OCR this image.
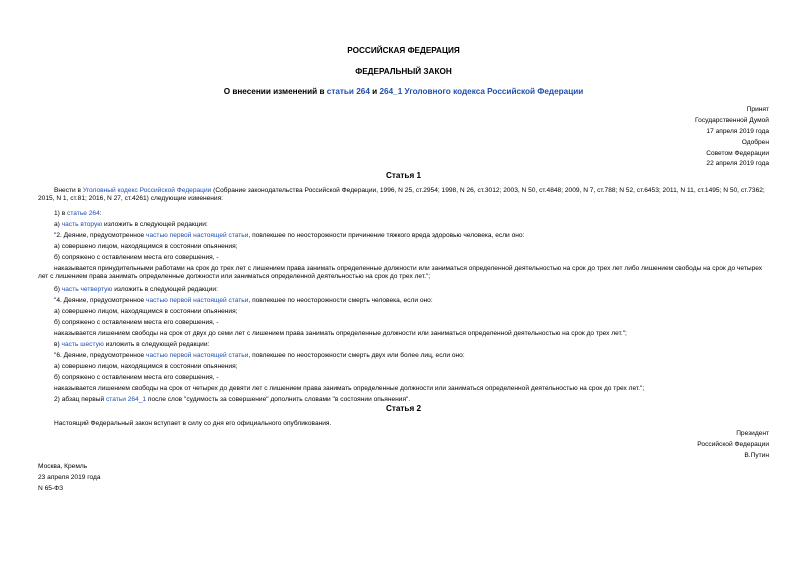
РОССИЙСКАЯ ФЕДЕРАЦИЯ
ФЕДЕРАЛЬНЫЙ ЗАКОН
О внесении изменений в статьи 264 и 264_1 Уголовного кодекса Российской Федерации
Принят
Государственной Думой
17 апреля 2019 года
Одобрен
Советом Федерации
22 апреля 2019 года
Статья 1
Внести в Уголовный кодекс Российской Федерации (Собрание законодательства Российской Федерации, 1996, N 25, ст.2954; 1998, N 26, ст.3012; 2003, N 50, ст.4848; 2009, N 7, ст.788; N 52, ст.6453; 2011, N 11, ст.1495; N 50, ст.7362; 2015, N 1, ст.81; 2016, N 27, ст.4261) следующие изменения:
1) в статье 264:
а) часть вторую изложить в следующей редакции:
"2. Деяние, предусмотренное частью первой настоящей статьи, повлекшее по неосторожности причинение тяжкого вреда здоровью человека, если оно:
а) совершено лицом, находящимся в состоянии опьянения;
б) сопряжено с оставлением места его совершения, -
наказывается принудительными работами на срок до трех лет с лишением права занимать определенные должности или заниматься определенной деятельностью на срок до трех лет либо лишением свободы на срок до четырех лет с лишением права занимать определенные должности или заниматься определенной деятельностью на срок до трех лет.";
б) часть четвертую изложить в следующей редакции:
"4. Деяние, предусмотренное частью первой настоящей статьи, повлекшее по неосторожности смерть человека, если оно:
а) совершено лицом, находящимся в состоянии опьянения;
б) сопряжено с оставлением места его совершения, -
наказывается лишением свободы на срок от двух до семи лет с лишением права занимать определенные должности или заниматься определенной деятельностью на срок до трех лет.";
в) часть шестую изложить в следующей редакции:
"6. Деяние, предусмотренное частью первой настоящей статьи, повлекшее по неосторожности смерть двух или более лиц, если оно:
а) совершено лицом, находящимся в состоянии опьянения;
б) сопряжено с оставлением места его совершения, -
наказывается лишением свободы на срок от четырех до девяти лет с лишением права занимать определенные должности или заниматься определенной деятельностью на срок до трех лет.";
2) абзац первый статьи 264_1 после слов "судимость за совершение" дополнить словами "в состоянии опьянения".
Статья 2
Настоящий Федеральный закон вступает в силу со дня его официального опубликования.
Президент
Российской Федерации
В.Путин
Москва, Кремль
23 апреля 2019 года
N 65-ФЗ
